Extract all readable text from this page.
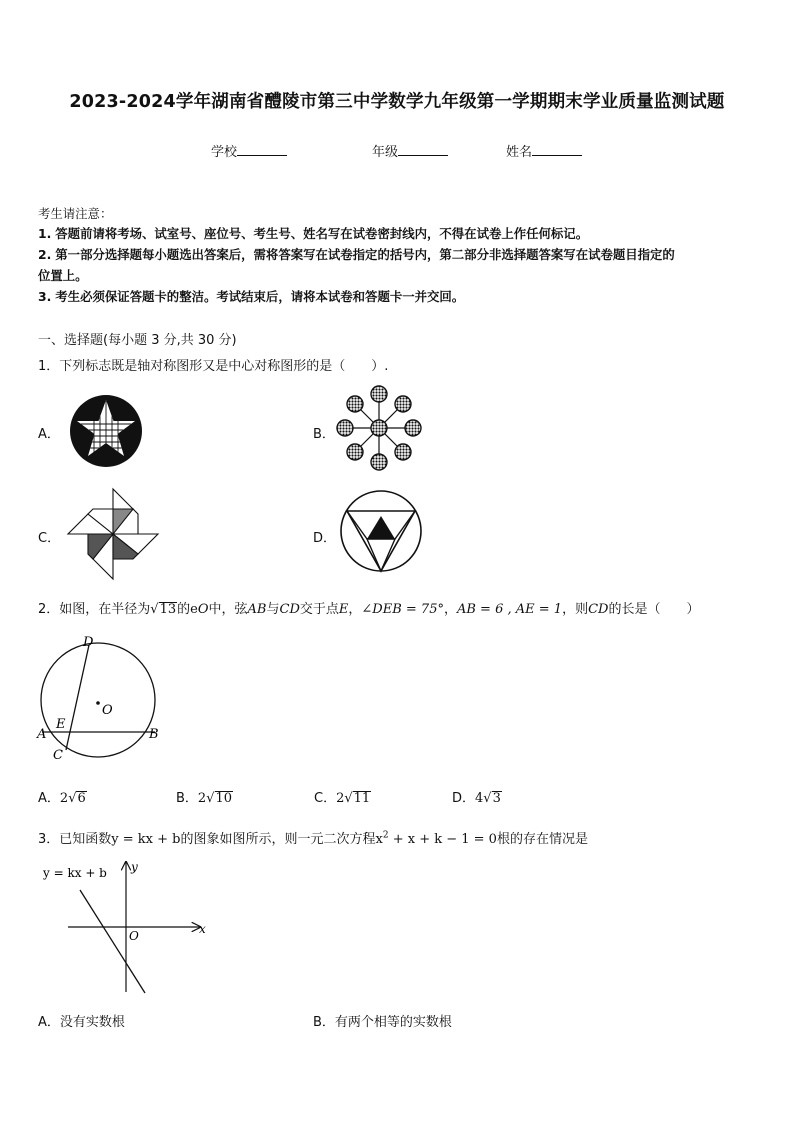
2023-2024学年湖南省醴陵市第三中学数学九年级第一学期期末学业质量监测试题
学校	年级	姓名
考生请注意：
1. 答题前请将考场、试室号、座位号、考生号、姓名写在试卷密封线内，不得在试卷上作任何标记。
2. 第一部分选择题每小题选出答案后，需将答案写在试卷指定的括号内，第二部分非选择题答案写在试卷题目指定的
位置上。
3. 考生必须保证答题卡的整洁。考试结束后，请将本试卷和答题卡一并交回。
一、选择题(每小题 3 分,共 30 分)
1．下列标志既是轴对称图形又是中心对称图形的是（　　）.
A．	B．
C．	D．
2．如图，在半径为√13的eO中，弦AB与CD交于点E，∠DEB = 75°，AB = 6 , AE = 1，则CD的长是（　　）
D
O
E
A	B
C
A．2√6	B．2√10	C．2√11	D．4√3
3．已知函数y = kx + b的图象如图所示，则一元二次方程$x^2 + x + k - 1 = 0$根的存在情况是
y = kx + b y
x
O
A．没有实数根	B．有两个相等的实数根
